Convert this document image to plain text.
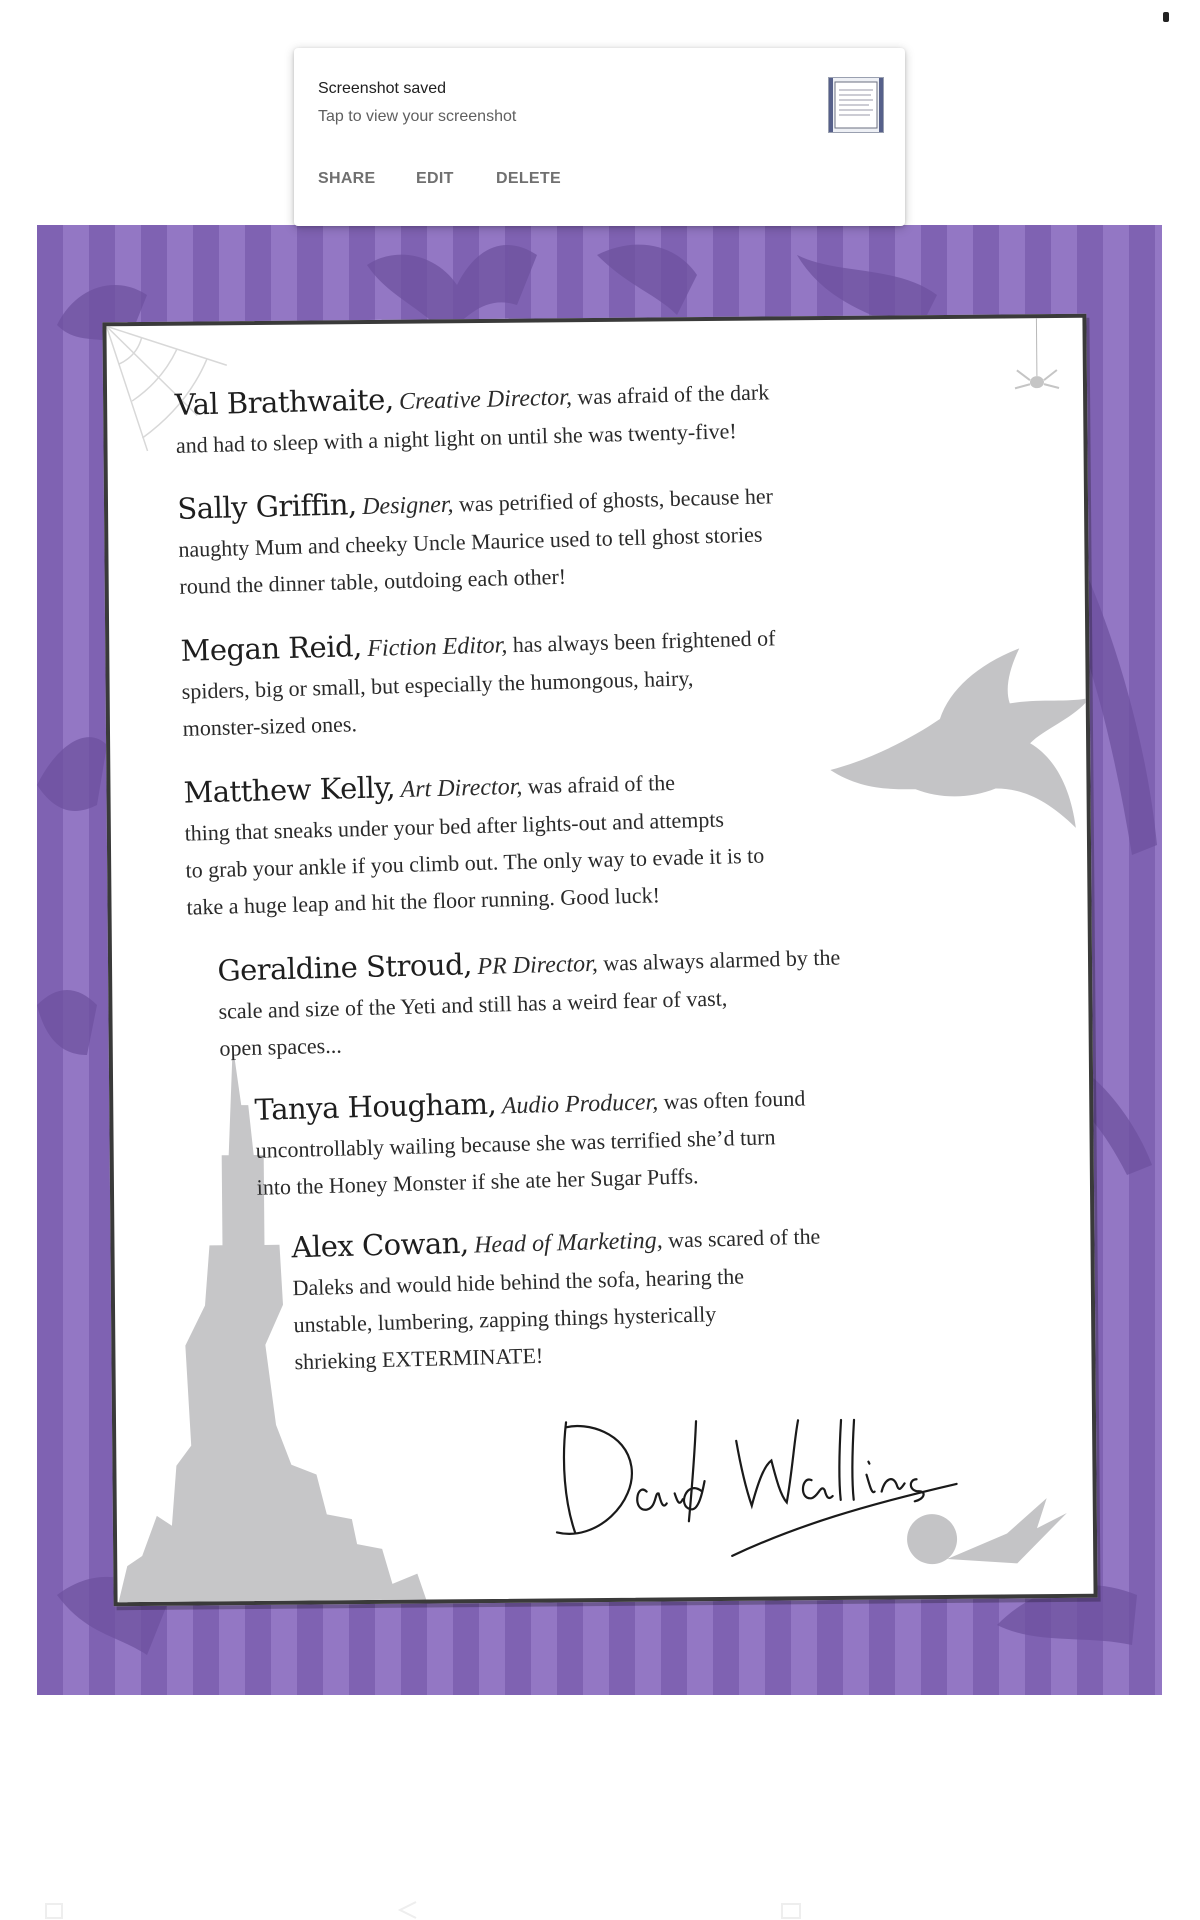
Val Brathwaite, Creative Director, was afraid of the dark
and had to sleep with a night light on until she was twenty-five!
Sally Griffin, Designer, was petrified of ghosts, because her
naughty Mum and cheeky Uncle Maurice used to tell ghost stories
round the dinner table, outdoing each other!
Megan Reid, Fiction Editor, has always been frightened of
spiders, big or small, but especially the humongous, hairy,
monster-sized ones.
Matthew Kelly, Art Director, was afraid of the
thing that sneaks under your bed after lights-out and attempts
to grab your ankle if you climb out. The only way to evade it is to
take a huge leap and hit the floor running. Good luck!
Geraldine Stroud, PR Director, was always alarmed by the
scale and size of the Yeti and still has a weird fear of vast,
open spaces...
Tanya Hougham, Audio Producer, was often found
uncontrollably wailing because she was terrified she’d turn
into the Honey Monster if she ate her Sugar Puffs.
Alex Cowan, Head of Marketing, was scared of the
Daleks and would hide behind the sofa, hearing the
unstable, lumbering, zapping things hysterically
shrieking EXTERMINATE!
Screenshot saved
Tap to view your screenshot
SHARE	EDIT	DELETE
